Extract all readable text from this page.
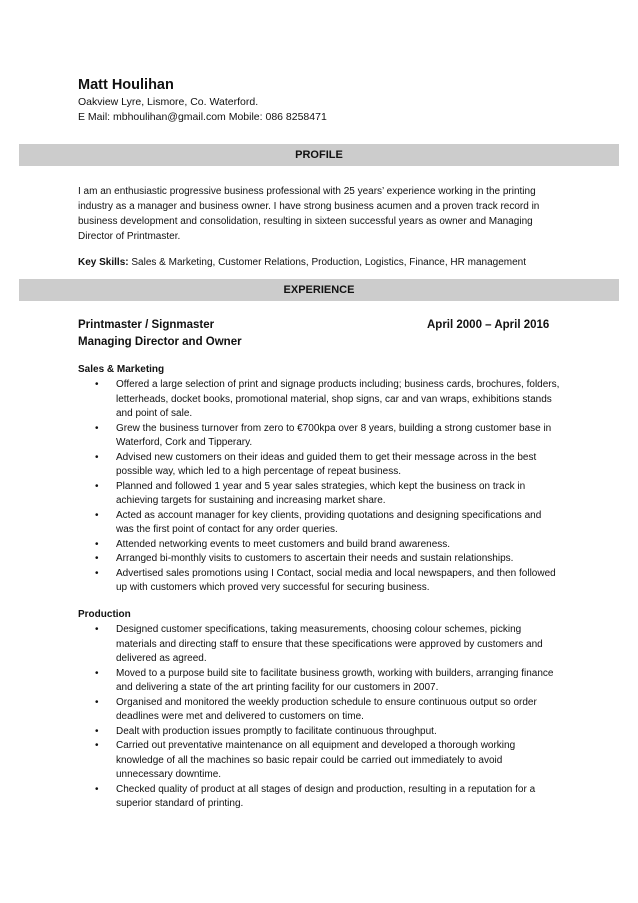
Matt Houlihan
Oakview Lyre, Lismore, Co. Waterford.
E Mail: mbhoulihan@gmail.com Mobile: 086 8258471
PROFILE
I am an enthusiastic progressive business professional with 25 years’ experience working in the printing industry as a manager and business owner. I have strong business acumen and a proven track record in business development and consolidation, resulting in sixteen successful years as owner and Managing Director of Printmaster.
Key Skills: Sales & Marketing, Customer Relations, Production, Logistics, Finance, HR management
EXPERIENCE
Printmaster / Signmaster
Managing Director and Owner
April 2000 – April 2016
Sales & Marketing
• Offered a large selection of print and signage products including; business cards, brochures, folders, letterheads, docket books, promotional material, shop signs, car and van wraps, exhibitions stands and point of sale.
• Grew the business turnover from zero to €700kpa over 8 years, building a strong customer base in Waterford, Cork and Tipperary.
• Advised new customers on their ideas and guided them to get their message across in the best possible way, which led to a high percentage of repeat business.
• Planned and followed 1 year and 5 year sales strategies, which kept the business on track in achieving targets for sustaining and increasing market share.
• Acted as account manager for key clients, providing quotations and designing specifications and was the first point of contact for any order queries.
• Attended networking events to meet customers and build brand awareness.
• Arranged bi-monthly visits to customers to ascertain their needs and sustain relationships.
• Advertised sales promotions using I Contact, social media and local newspapers, and then followed up with customers which proved very successful for securing business.
Production
• Designed customer specifications, taking measurements, choosing colour schemes, picking materials and directing staff to ensure that these specifications were approved by customers and delivered as agreed.
• Moved to a purpose build site to facilitate business growth, working with builders, arranging finance and delivering a state of the art printing facility for our customers in 2007.
• Organised and monitored the weekly production schedule to ensure continuous output so order deadlines were met and delivered to customers on time.
• Dealt with production issues promptly to facilitate continuous throughput.
• Carried out preventative maintenance on all equipment and developed a thorough working knowledge of all the machines so basic repair could be carried out immediately to avoid unnecessary downtime.
• Checked quality of product at all stages of design and production, resulting in a reputation for a superior standard of printing.
